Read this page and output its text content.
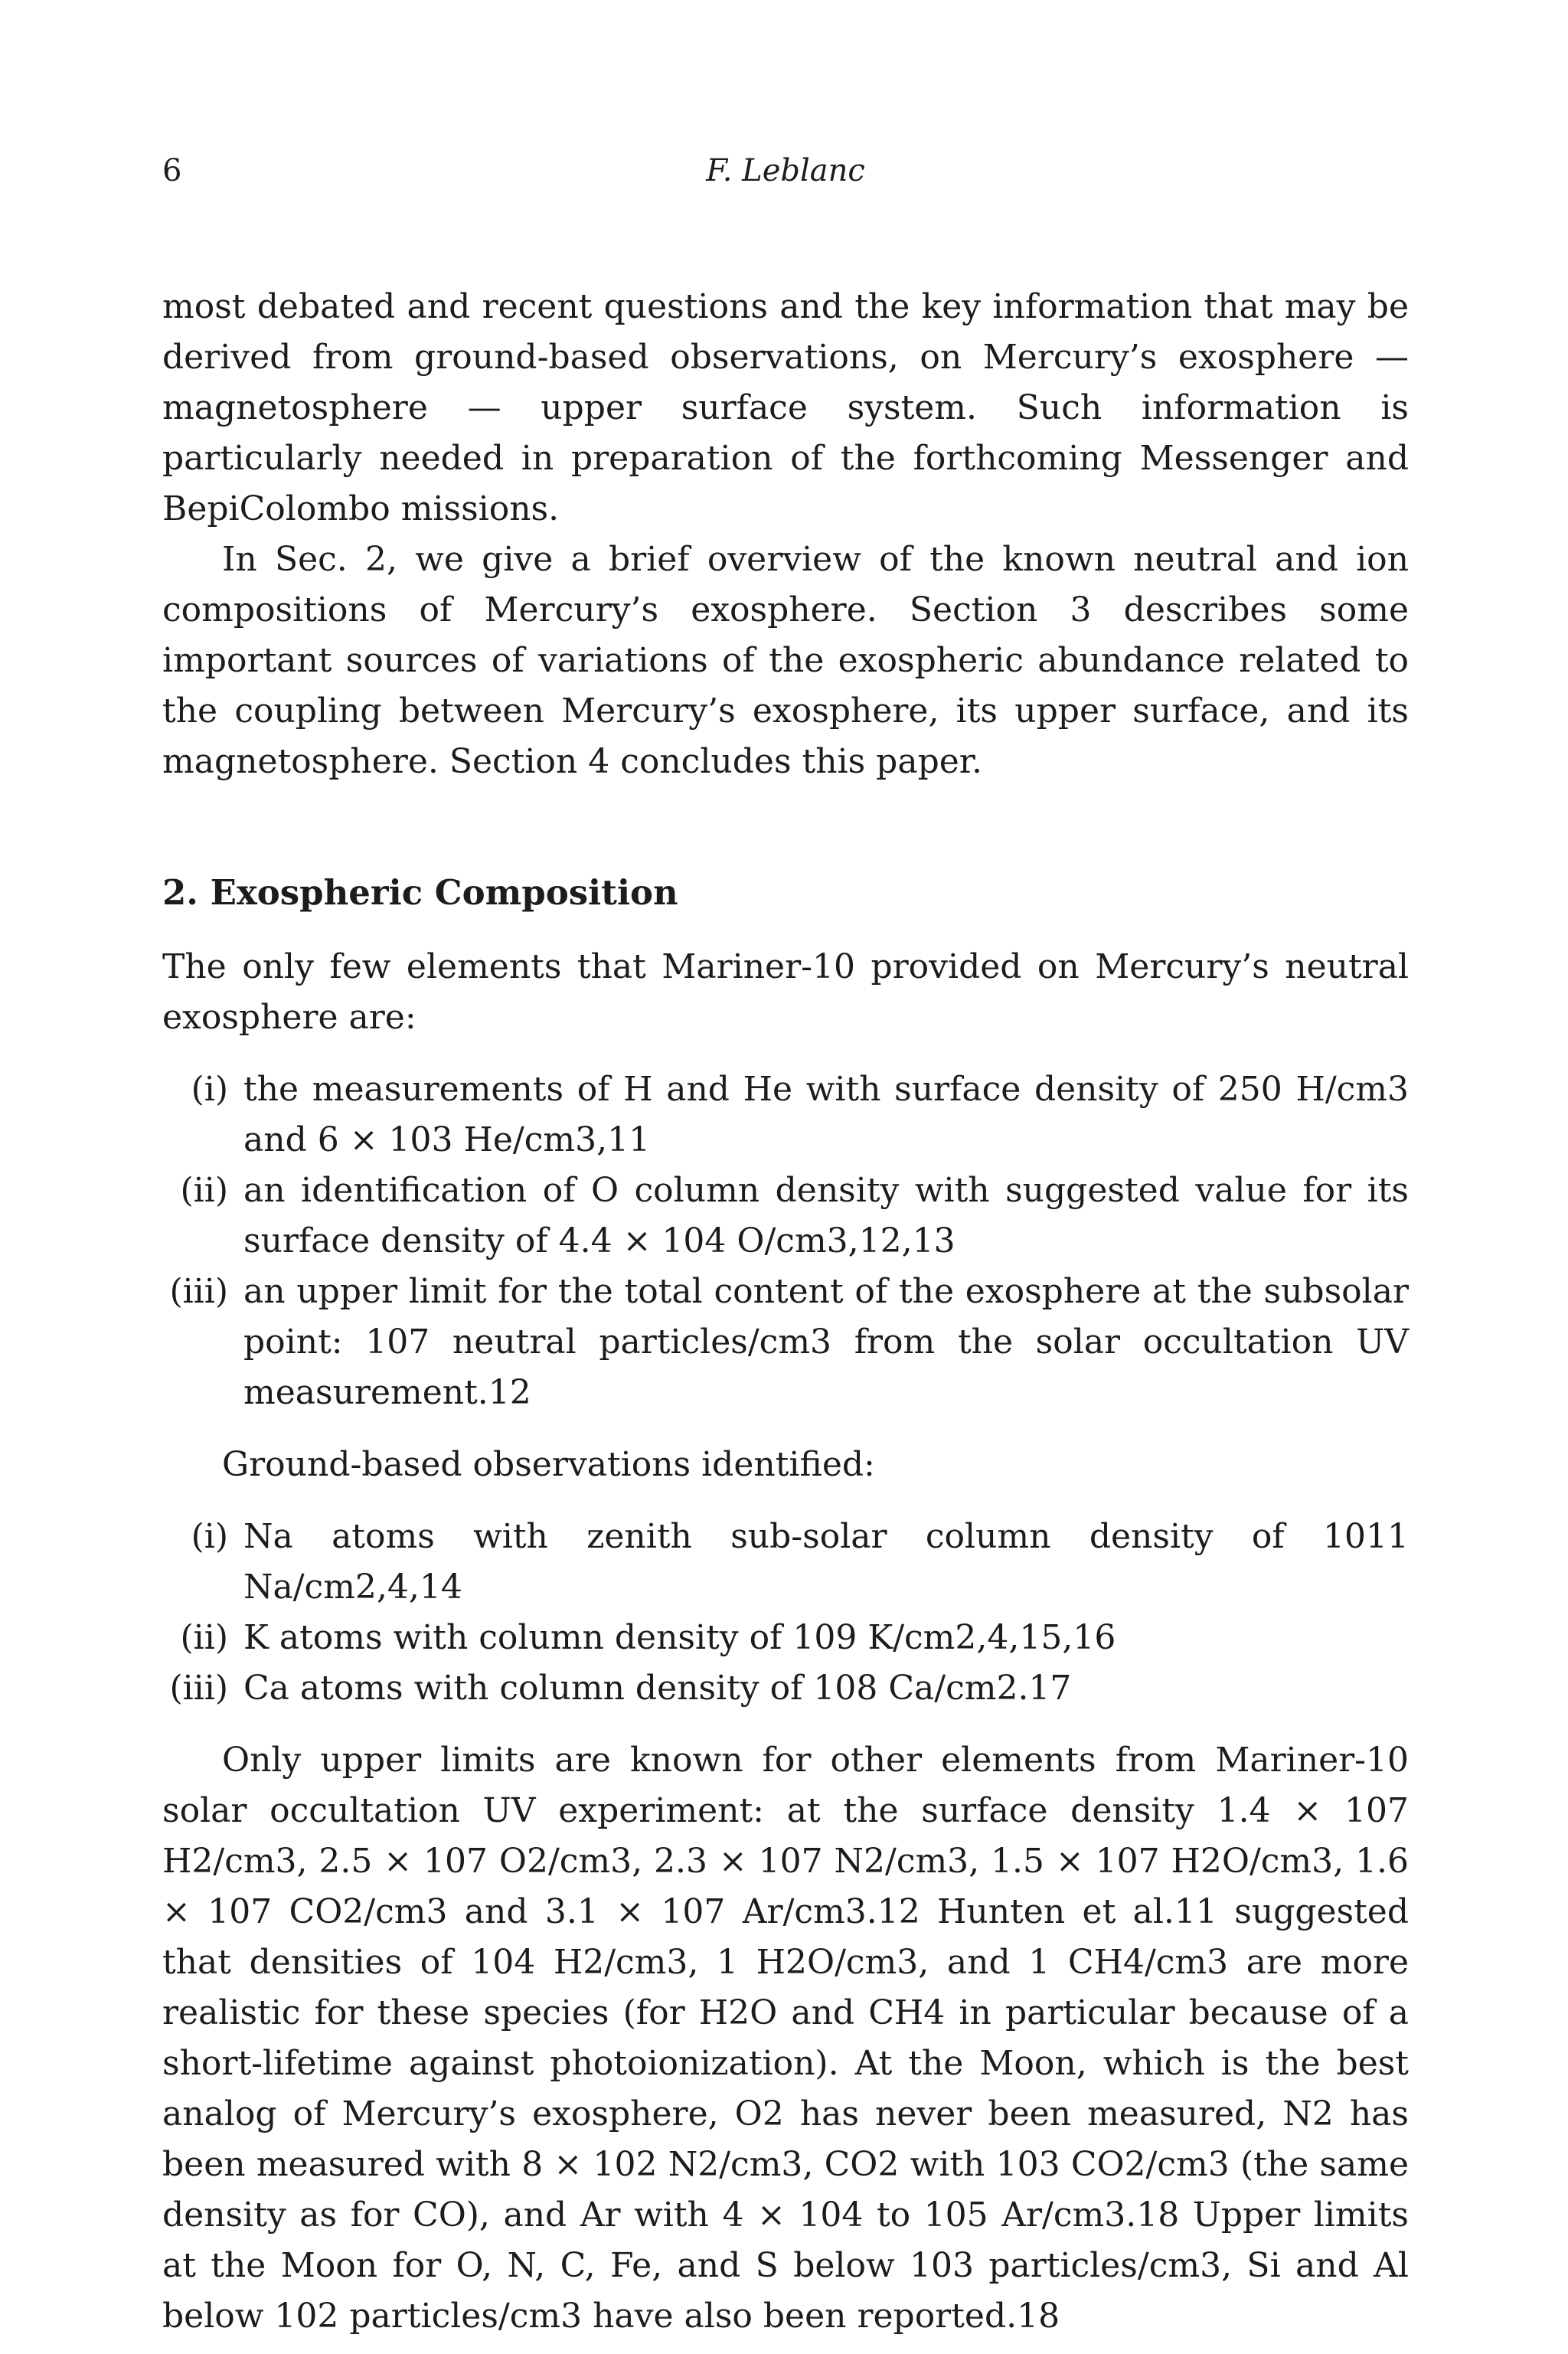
6	F. Leblanc

most debated and recent questions and the key information that may be derived from ground-based observations, on Mercury’s exosphere — magnetosphere — upper surface system. Such information is particularly needed in preparation of the forthcoming Messenger and BepiColombo missions.

In Sec. 2, we give a brief overview of the known neutral and ion compositions of Mercury’s exosphere. Section 3 describes some important sources of variations of the exospheric abundance related to the coupling between Mercury’s exosphere, its upper surface, and its magnetosphere. Section 4 concludes this paper.

2. Exospheric Composition

The only few elements that Mariner-10 provided on Mercury’s neutral exosphere are:

(i) the measurements of H and He with surface density of 250 H/cm3 and 6 × 103 He/cm3,11
(ii) an identification of O column density with suggested value for its surface density of 4.4 × 104 O/cm3,12,13
(iii) an upper limit for the total content of the exosphere at the subsolar point: 107 neutral particles/cm3 from the solar occultation UV measurement.12

Ground-based observations identified:

(i) Na atoms with zenith sub-solar column density of 1011 Na/cm2,4,14
(ii) K atoms with column density of 109 K/cm2,4,15,16
(iii) Ca atoms with column density of 108 Ca/cm2.17

Only upper limits are known for other elements from Mariner-10 solar occultation UV experiment: at the surface density 1.4 × 107 H2/cm3, 2.5 × 107 O2/cm3, 2.3 × 107 N2/cm3, 1.5 × 107 H2O/cm3, 1.6 × 107 CO2/cm3 and 3.1 × 107 Ar/cm3.12 Hunten et al.11 suggested that densities of 104 H2/cm3, 1 H2O/cm3, and 1 CH4/cm3 are more realistic for these species (for H2O and CH4 in particular because of a short-lifetime against photoionization). At the Moon, which is the best analog of Mercury’s exosphere, O2 has never been measured, N2 has been measured with 8 × 102 N2/cm3, CO2 with 103 CO2/cm3 (the same density as for CO), and Ar with 4 × 104 to 105 Ar/cm3.18 Upper limits at the Moon for O, N, C, Fe, and S below 103 particles/cm3, Si and Al below 102 particles/cm3 have also been reported.18
